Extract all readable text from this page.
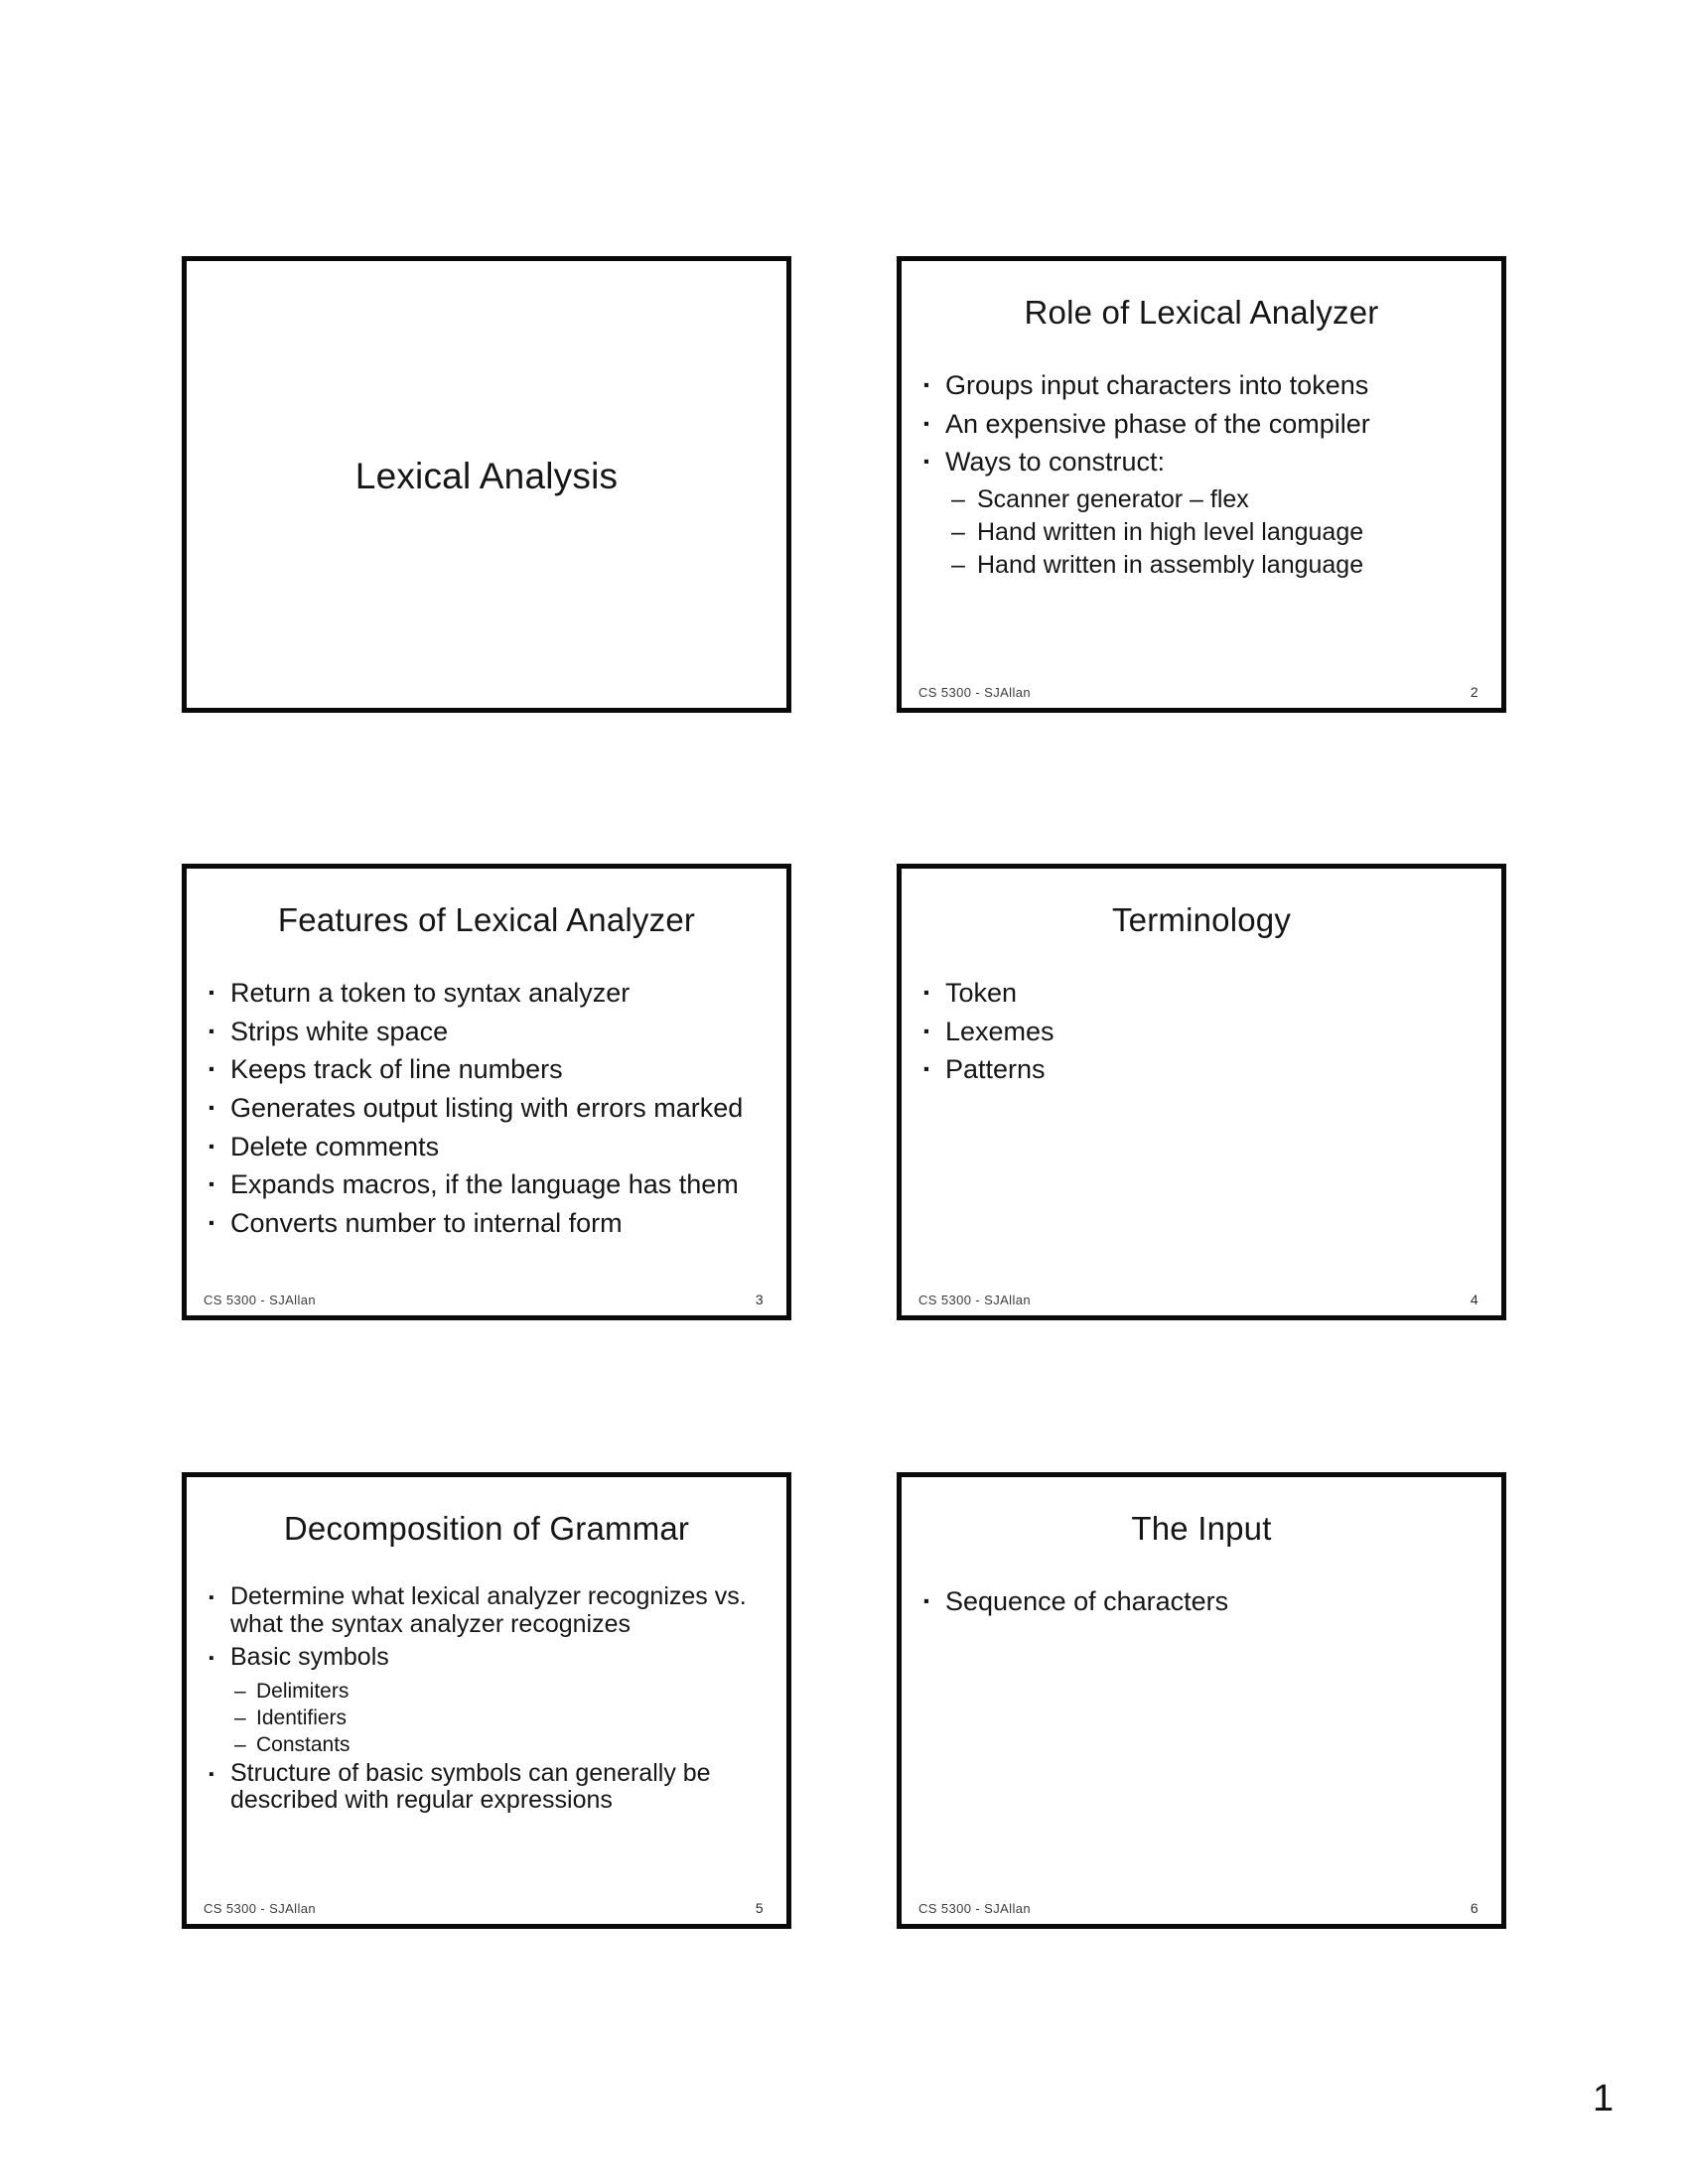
Lexical Analysis
Role of Lexical Analyzer
▪ Groups input characters into tokens
▪ An expensive phase of the compiler
▪ Ways to construct:
– Scanner generator – flex
– Hand written in high level language
– Hand written in assembly language
CS 5300 - SJAllan	2
Features of Lexical Analyzer
▪ Return a token to syntax analyzer
▪ Strips white space
▪ Keeps track of line numbers
▪ Generates output listing with errors marked
▪ Delete comments
▪ Expands macros, if the language has them
▪ Converts number to internal form
CS 5300 - SJAllan	3
Terminology
▪ Token
▪ Lexemes
▪ Patterns
CS 5300 - SJAllan	4
Decomposition of Grammar
▪ Determine what lexical analyzer recognizes vs. what the syntax analyzer recognizes
▪ Basic symbols
– Delimiters
– Identifiers
– Constants
▪ Structure of basic symbols can generally be described with regular expressions
CS 5300 - SJAllan	5
The Input
▪ Sequence of characters
CS 5300 - SJAllan	6
1
